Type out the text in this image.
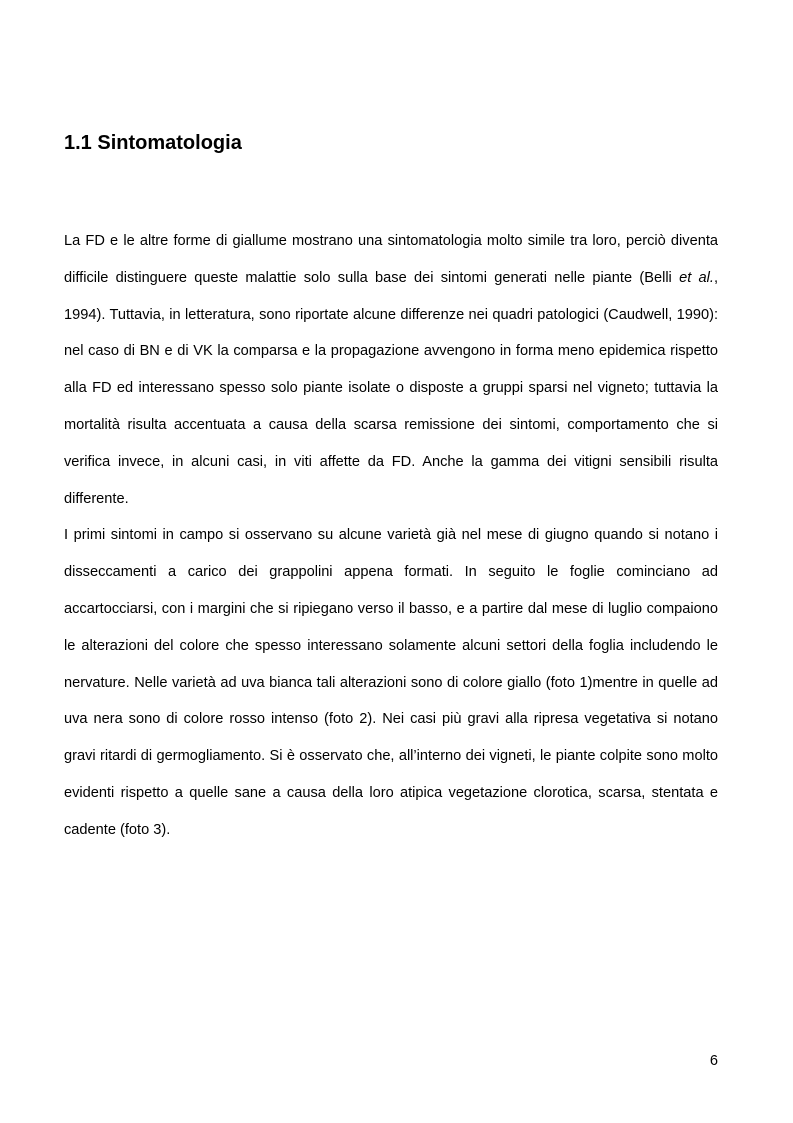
1.1 Sintomatologia

La FD e le altre forme di giallume mostrano una sintomatologia molto simile tra loro, perciò diventa difficile distinguere queste malattie solo sulla base dei sintomi generati nelle piante (Belli et al., 1994). Tuttavia, in letteratura, sono riportate alcune differenze nei quadri patologici (Caudwell, 1990): nel caso di BN e di VK la comparsa e la propagazione avvengono in forma meno epidemica rispetto alla FD ed interessano spesso solo piante isolate o disposte a gruppi sparsi nel vigneto; tuttavia la mortalità risulta accentuata a causa della scarsa remissione dei sintomi, comportamento che si verifica invece, in alcuni casi, in viti affette da FD. Anche la gamma dei vitigni sensibili risulta differente.

I primi sintomi in campo si osservano su alcune varietà già nel mese di giugno quando si notano i disseccamenti a carico dei grappolini appena formati. In seguito le foglie cominciano ad accartocciarsi, con i margini che si ripiegano verso il basso, e a partire dal mese di luglio compaiono le alterazioni del colore che spesso interessano solamente alcuni settori della foglia includendo le nervature. Nelle varietà ad uva bianca tali alterazioni sono di colore giallo (foto 1)mentre in quelle ad uva nera sono di colore rosso intenso (foto 2). Nei casi più gravi alla ripresa vegetativa si notano gravi ritardi di germogliamento. Si è osservato che, all’interno dei vigneti, le piante colpite sono molto evidenti rispetto a quelle sane a causa della loro atipica vegetazione clorotica, scarsa, stentata e cadente (foto 3).

6
